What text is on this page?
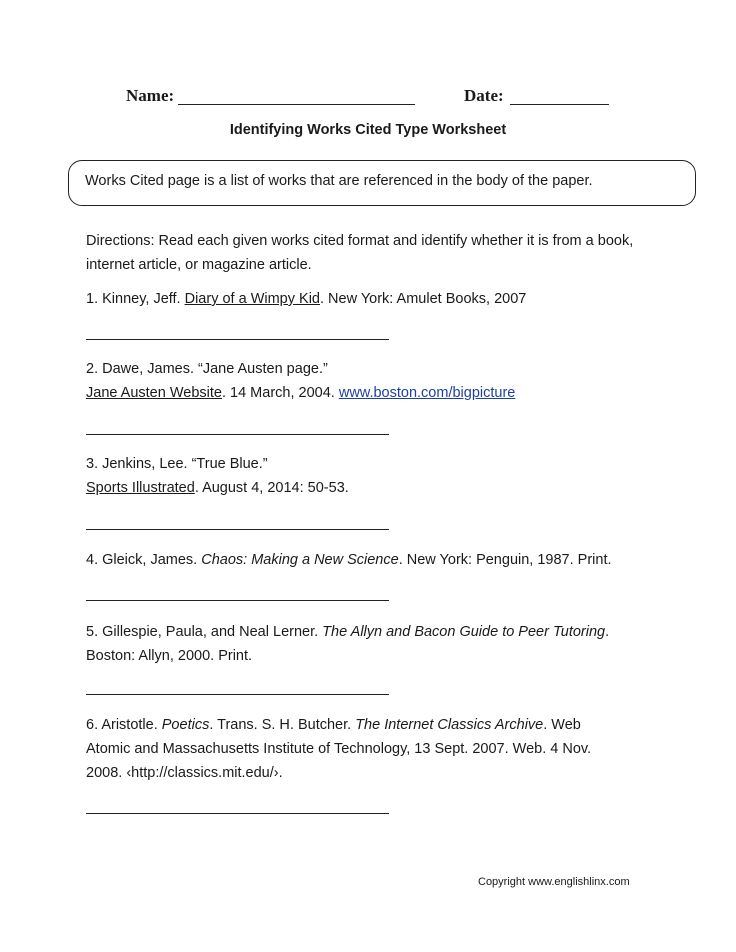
Name:	Date:
Identifying Works Cited Type Worksheet
Works Cited page is a list of works that are referenced in the body of the paper.
Directions: Read each given works cited format and identify whether it is from a book, internet article, or magazine article.
1. Kinney, Jeff. Diary of a Wimpy Kid. New York: Amulet Books, 2007
2. Dawe, James. “Jane Austen page.”
Jane Austen Website. 14 March, 2004. www.boston.com/bigpicture
3. Jenkins, Lee. “True Blue.”
Sports Illustrated. August 4, 2014: 50-53.
4. Gleick, James. Chaos: Making a New Science. New York: Penguin, 1987. Print.
5. Gillespie, Paula, and Neal Lerner. The Allyn and Bacon Guide to Peer Tutoring.
Boston: Allyn, 2000. Print.
6. Aristotle. Poetics. Trans. S. H. Butcher. The Internet Classics Archive. Web
Atomic and Massachusetts Institute of Technology, 13 Sept. 2007. Web. 4 Nov.
2008. ‹http://classics.mit.edu/›.
Copyright www.englishlinx.com
